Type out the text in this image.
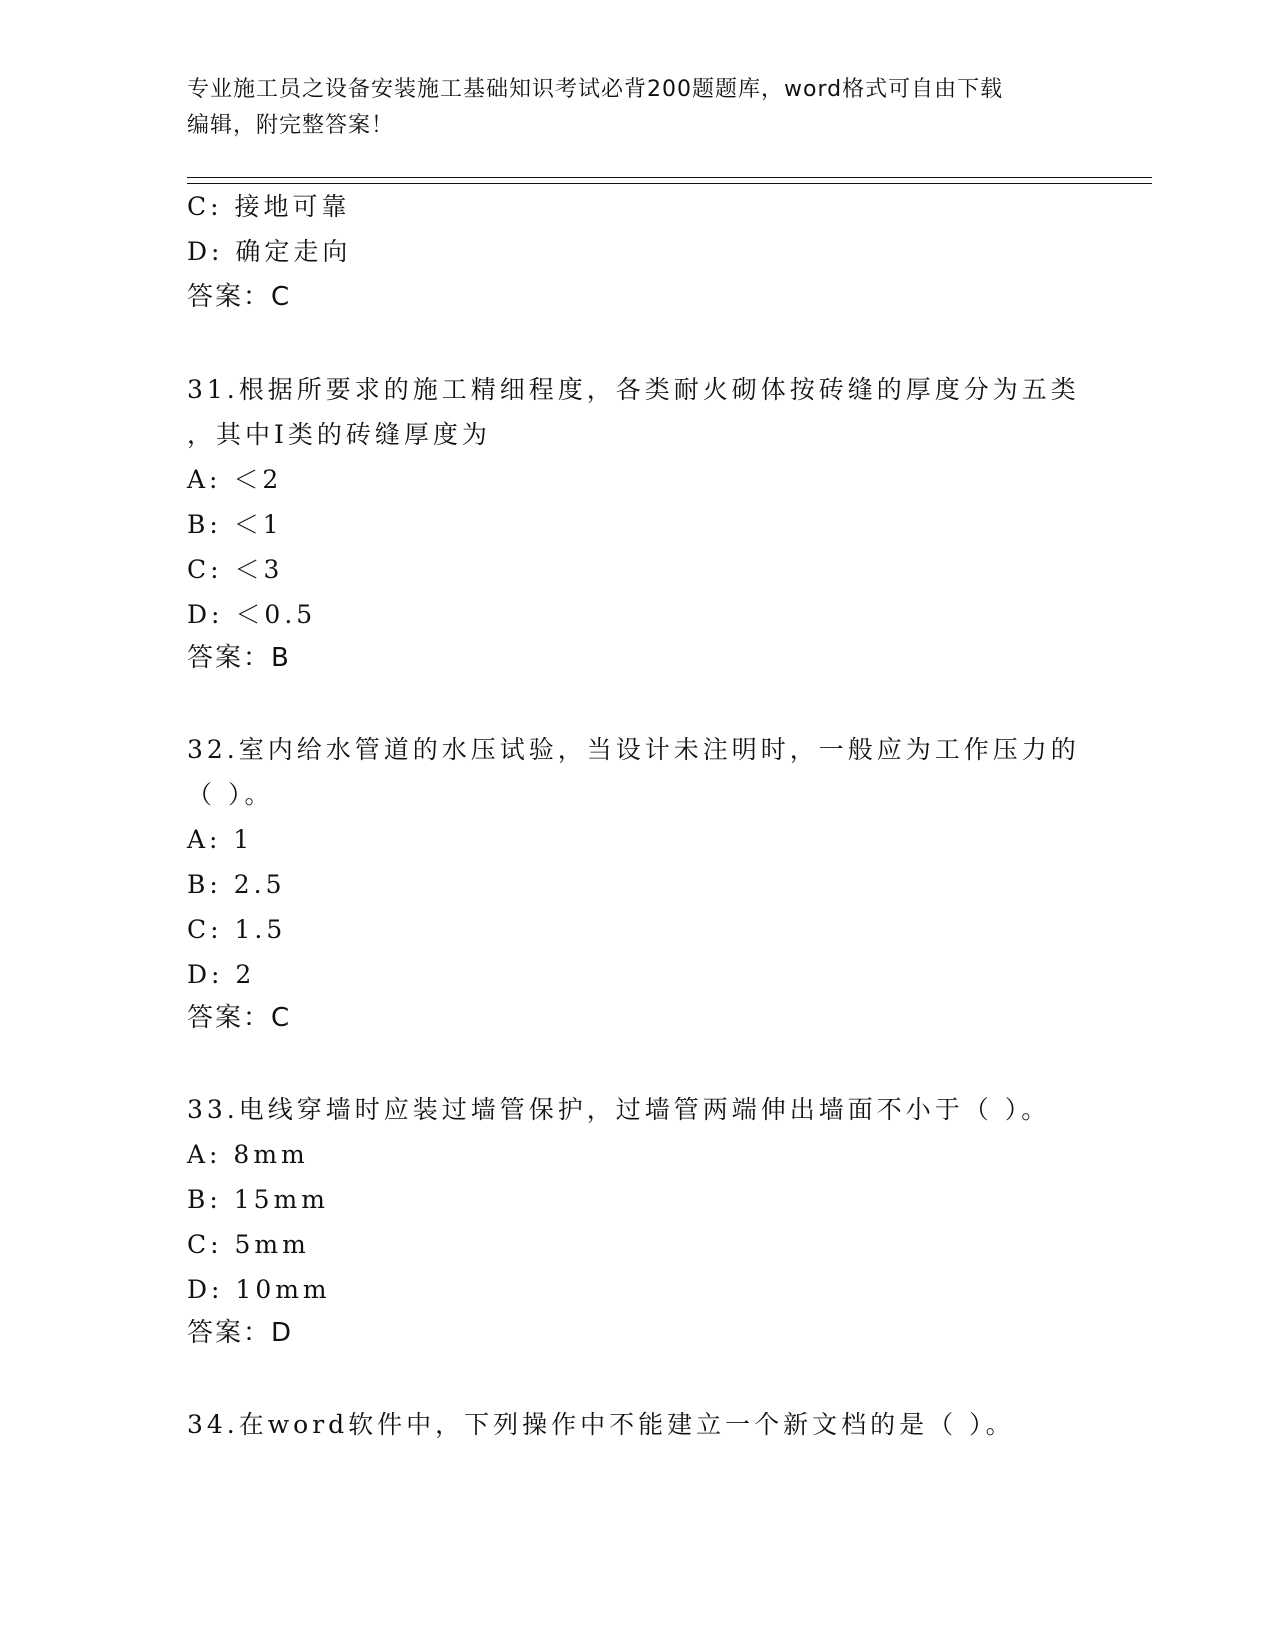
专业施工员之设备安装施工基础知识考试必背200题题库，word格式可自由下载
编辑，附完整答案！
C: 接地可靠
D: 确定走向
答案：C
31.根据所要求的施工精细程度，各类耐火砌体按砖缝的厚度分为五类
，其中Ⅰ类的砖缝厚度为
A: ＜2
B: ＜1
C: ＜3
D: ＜0.5
答案：B
32.室内给水管道的水压试验，当设计未注明时，一般应为工作压力的
（ ）。
A: 1
B: 2.5
C: 1.5
D: 2
答案：C
33.电线穿墙时应装过墙管保护，过墙管两端伸出墙面不小于（ ）。
A: 8mm
B: 15mm
C: 5mm
D: 10mm
答案：D
34.在word软件中，下列操作中不能建立一个新文档的是（ ）。
